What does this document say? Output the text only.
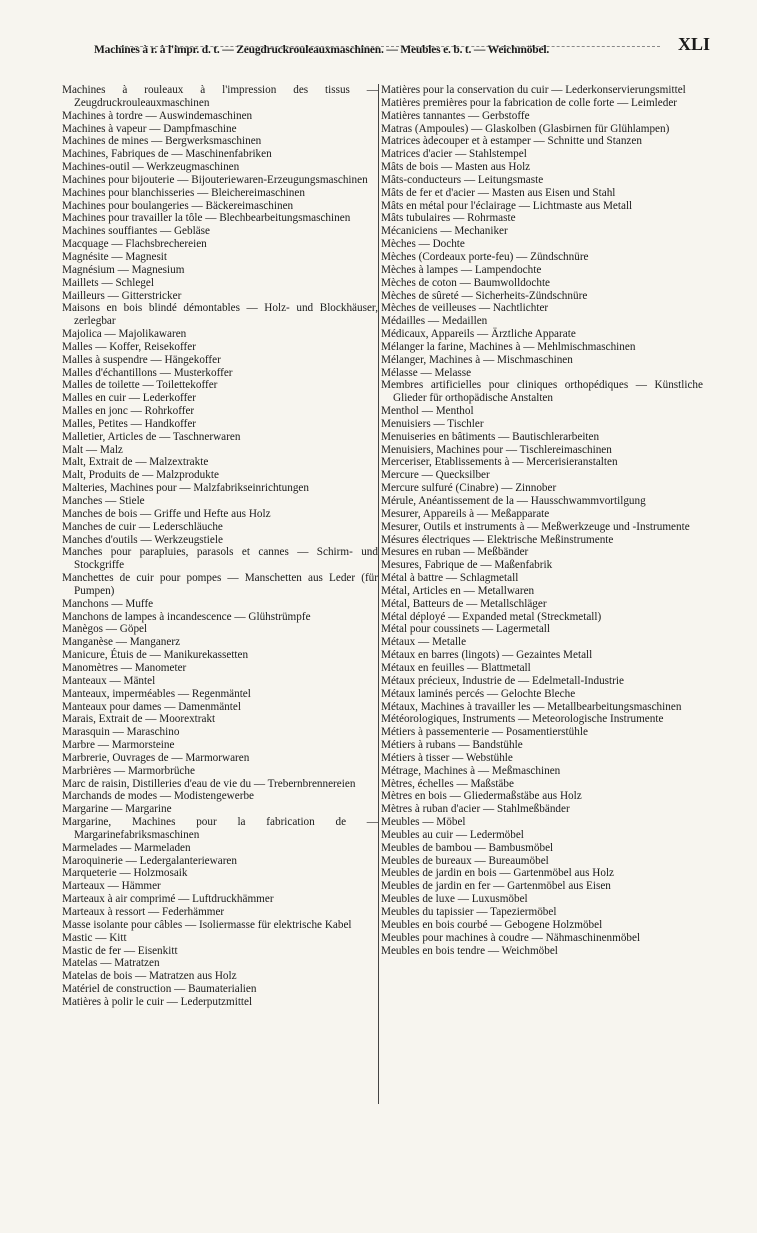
Machines à r. à l'impr. d. t. — Zeugdruckrouleauxmaschinen. — Meubles e. b. t. — Weichmöbel.	XLI

Machines à rouleaux à l'impression des tissus — Zeugdruckrouleauxmaschinen

Machines à tordre — Auswindemaschinen

Machines à vapeur — Dampfmaschine

Machines de mines — Bergwerksmaschinen

Machines, Fabriques de — Maschinenfabriken

Machines-outil — Werkzeugmaschinen

Machines pour bijouterie — Bijouteriewaren-Erzeugungsmaschinen

Machines pour blanchisseries — Bleichereimaschinen

Machines pour boulangeries — Bäckereimaschinen

Machines pour travailler la tôle — Blechbearbeitungsmaschinen

Machines souffiantes — Gebläse

Macquage — Flachsbrechereien

Magnésite — Magnesit

Magnésium — Magnesium

Maillets — Schlegel

Mailleurs — Gitterstricker

Maisons en bois blindé démontables — Holz- und Blockhäuser, zerlegbar

Majolica — Majolikawaren

Malles — Koffer, Reisekoffer

Malles à suspendre — Hängekoffer

Malles d'échantillons — Musterkoffer

Malles de toilette — Toilettekoffer

Malles en cuir — Lederkoffer

Malles en jonc — Rohrkoffer

Malles, Petites — Handkoffer

Malletier, Articles de — Taschnerwaren

Malt — Malz

Malt, Extrait de — Malzextrakte

Malt, Produits de — Malzprodukte

Malteries, Machines pour — Malzfabrikseinrichtungen

Manches — Stiele

Manches de bois — Griffe und Hefte aus Holz

Manches de cuir — Lederschläuche

Manches d'outils — Werkzeugstiele

Manches pour parapluies, parasols et cannes — Schirm- und Stockgriffe

Manchettes de cuir pour pompes — Manschetten aus Leder (für Pumpen)

Manchons — Muffe

Manchons de lampes à incandescence — Glühstrümpfe

Manègos — Göpel

Manganèse — Manganerz

Manicure, Étuis de — Manikurekassetten

Manomètres — Manometer

Manteaux — Mäntel

Manteaux, imperméables — Regenmäntel

Manteaux pour dames — Damenmäntel

Marais, Extrait de — Moorextrakt

Marasquin — Maraschino

Marbre — Marmorsteine

Marbrerie, Ouvrages de — Marmorwaren

Marbrières — Marmorbrüche

Marc de raisin, Distilleries d'eau de vie du — Trebernbrennereien

Marchands de modes — Modistengewerbe

Margarine — Margarine

Margarine, Machines pour la fabrication de — Margarinefabriksmaschinen

Marmelades — Marmeladen

Maroquinerie — Ledergalanteriewaren

Marqueterie — Holzmosaik

Marteaux — Hämmer

Marteaux à air comprimé — Luftdruckhämmer

Marteaux à ressort — Federhämmer

Masse isolante pour câbles — Isoliermasse für elektrische Kabel

Mastic — Kitt

Mastic de fer — Eisenkitt

Matelas — Matratzen

Matelas de bois — Matratzen aus Holz

Matériel de construction — Baumaterialien

Matières à polir le cuir — Lederputzmittel

Matières pour la conservation du cuir — Lederkonservierungsmittel

Matières premières pour la fabrication de colle forte — Leimleder

Matières tannantes — Gerbstoffe

Matras (Ampoules) — Glaskolben (Glasbirnen für Glühlampen)

Matrices àdecouper et à estamper — Schnitte und Stanzen

Matrices d'acier — Stahlstempel

Mâts de bois — Masten aus Holz

Mâts-conducteurs — Leitungsmaste

Mâts de fer et d'acier — Masten aus Eisen und Stahl

Mâts en métal pour l'éclairage — Lichtmaste aus Metall

Mâts tubulaires — Rohrmaste

Mécaniciens — Mechaniker

Mèches — Dochte

Mèches (Cordeaux porte-feu) — Zündschnüre

Mèches à lampes — Lampendochte

Mèches de coton — Baumwolldochte

Mèches de sûreté — Sicherheits-Zündschnüre

Mèches de veilleuses — Nachtlichter

Médailles — Medaillen

Médicaux, Appareils — Ärztliche Apparate

Mélanger la farine, Machines à — Mehlmischmaschinen

Mélanger, Machines à — Mischmaschinen

Mélasse — Melasse

Membres artificielles pour cliniques orthopédiques — Künstliche Glieder für orthopädische Anstalten

Menthol — Menthol

Menuisiers — Tischler

Menuiseries en bâtiments — Bautischlerarbeiten

Menuisiers, Machines pour — Tischlereimaschinen

Merceriser, Etablissements à — Mercerisieranstalten

Mercure — Quecksilber

Mercure sulfuré (Cinabre) — Zinnober

Mérule, Anéantissement de la — Hausschwammvortilgung

Mesurer, Appareils à — Meßapparate

Mesurer, Outils et instruments à — Meßwerkzeuge und -Instrumente

Mésures électriques — Elektrische Meßinstrumente

Mesures en ruban — Meßbänder

Mesures, Fabrique de — Maßenfabrik

Métal à battre — Schlagmetall

Métal, Articles en — Metallwaren

Métal, Batteurs de — Metallschläger

Métal déployé — Expanded metal (Streckmetall)

Métal pour coussinets — Lagermetall

Métaux — Metalle

Métaux en barres (lingots) — Gezaintes Metall

Métaux en feuilles — Blattmetall

Métaux précieux, Industrie de — Edelmetall-Industrie

Métaux laminés percés — Gelochte Bleche

Métaux, Machines à travailler les — Metallbearbeitungsmaschinen

Météorologiques, Instruments — Meteorologische Instrumente

Métiers à passementerie — Posamentierstühle

Métiers à rubans — Bandstühle

Métiers à tisser — Webstühle

Métrage, Machines à — Meßmaschinen

Mètres, échelles — Maßstäbe

Mètres en bois — Gliedermaßstäbe aus Holz

Mètres à ruban d'acier — Stahlmeßbänder

Meubles — Möbel

Meubles au cuir — Ledermöbel

Meubles de bambou — Bambusmöbel

Meubles de bureaux — Bureaumöbel

Meubles de jardin en bois — Gartenmöbel aus Holz

Meubles de jardin en fer — Gartenmöbel aus Eisen

Meubles de luxe — Luxusmöbel

Meubles du tapissier — Tapeziermöbel

Meubles en bois courbé — Gebogene Holzmöbel

Meubles pour machines à coudre — Nähmaschinenmöbel

Meubles en bois tendre — Weichmöbel
